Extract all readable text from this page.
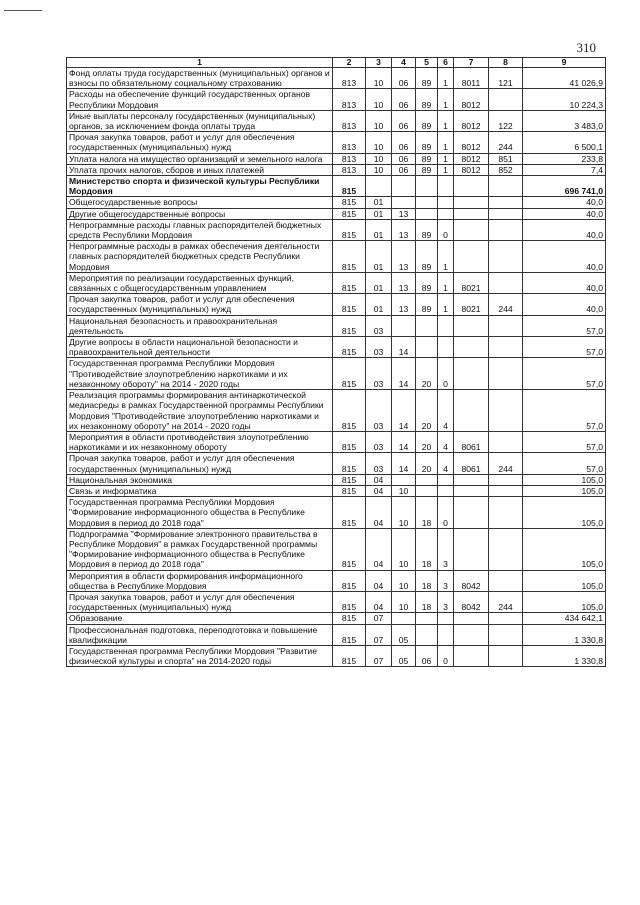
310
1	2	3	4	5	6	7	8	9
Фонд оплаты труда государственных (муниципальных) органов и взносы по обязательному социальному страхованию	813	10	06	89	1	8011	121	41 026,9
Расходы на обеспечение функций государственных органов Республики Мордовия	813	10	06	89	1	8012		10 224,3
Иные выплаты персоналу государственных (муниципальных) органов, за исключением фонда оплаты труда	813	10	06	89	1	8012	122	3 483,0
Прочая закупка товаров, работ и услуг для обеспечения государственных (муниципальных) нужд	813	10	06	89	1	8012	244	6 500,1
Уплата налога на имущество организаций и земельного налога	813	10	06	89	1	8012	851	233,8
Уплата прочих налогов, сборов и иных платежей	813	10	06	89	1	8012	852	7,4
Министерство спорта и физической культуры Республики Мордовия	815							696 741,0
Общегосударственные вопросы	815	01						40,0
Другие общегосударственные вопросы	815	01	13					40,0
Непрограммные расходы главных распорядителей бюджетных средств Республики Мордовия	815	01	13	89	0			40,0
Непрограммные расходы в рамках обеспечения деятельности главных распорядителей бюджетных средств Республики Мордовия	815	01	13	89	1			40,0
Мероприятия по реализации государственных функций, связанных с общегосударственным управлением	815	01	13	89	1	8021		40,0
Прочая закупка товаров, работ и услуг для обеспечения государственных (муниципальных) нужд	815	01	13	89	1	8021	244	40,0
Национальная безопасность и правоохранительная деятельность	815	03						57,0
Другие вопросы в области национальной безопасности и правоохранительной деятельности	815	03	14					57,0
Государственная программа Республики Мордовия "Противодействие злоупотреблению наркотиками и их незаконному обороту" на 2014 - 2020 годы	815	03	14	20	0			57,0
Реализация программы формирования антинаркотической медиасреды в рамках Государственной программы Республики Мордовия "Противодействие злоупотреблению наркотиками и их незаконному обороту" на 2014 - 2020 годы	815	03	14	20	4			57,0
Мероприятия в области противодействия злоупотреблению наркотиками и их незаконному обороту	815	03	14	20	4	8061		57,0
Прочая закупка товаров, работ и услуг для обеспечения государственных (муниципальных) нужд	815	03	14	20	4	8061	244	57,0
Национальная экономика	815	04						105,0
Связь и информатика	815	04	10					105,0
Государственная программа Республики Мордовия "Формирование информационного общества в Республике Мордовия в период до 2018 года"	815	04	10	18	0			105,0
Подпрограмма "Формирование электронного правительства в Республике Мордовия" в рамках Государственной программы "Формирование информационного общества в Республике Мордовия в период до 2018 года"	815	04	10	18	3			105,0
Мероприятия в области формирования информационного общества в Республике Мордовия	815	04	10	18	3	8042		105,0
Прочая закупка товаров, работ и услуг для обеспечения государственных (муниципальных) нужд	815	04	10	18	3	8042	244	105,0
Образование	815	07						434 642,1
Профессиональная подготовка, переподготовка и повышение квалификации	815	07	05					1 330,8
Государственная программа Республики Мордовия "Развитие физической культуры и спорта" на 2014-2020 годы	815	07	05	06	0			1 330,8
